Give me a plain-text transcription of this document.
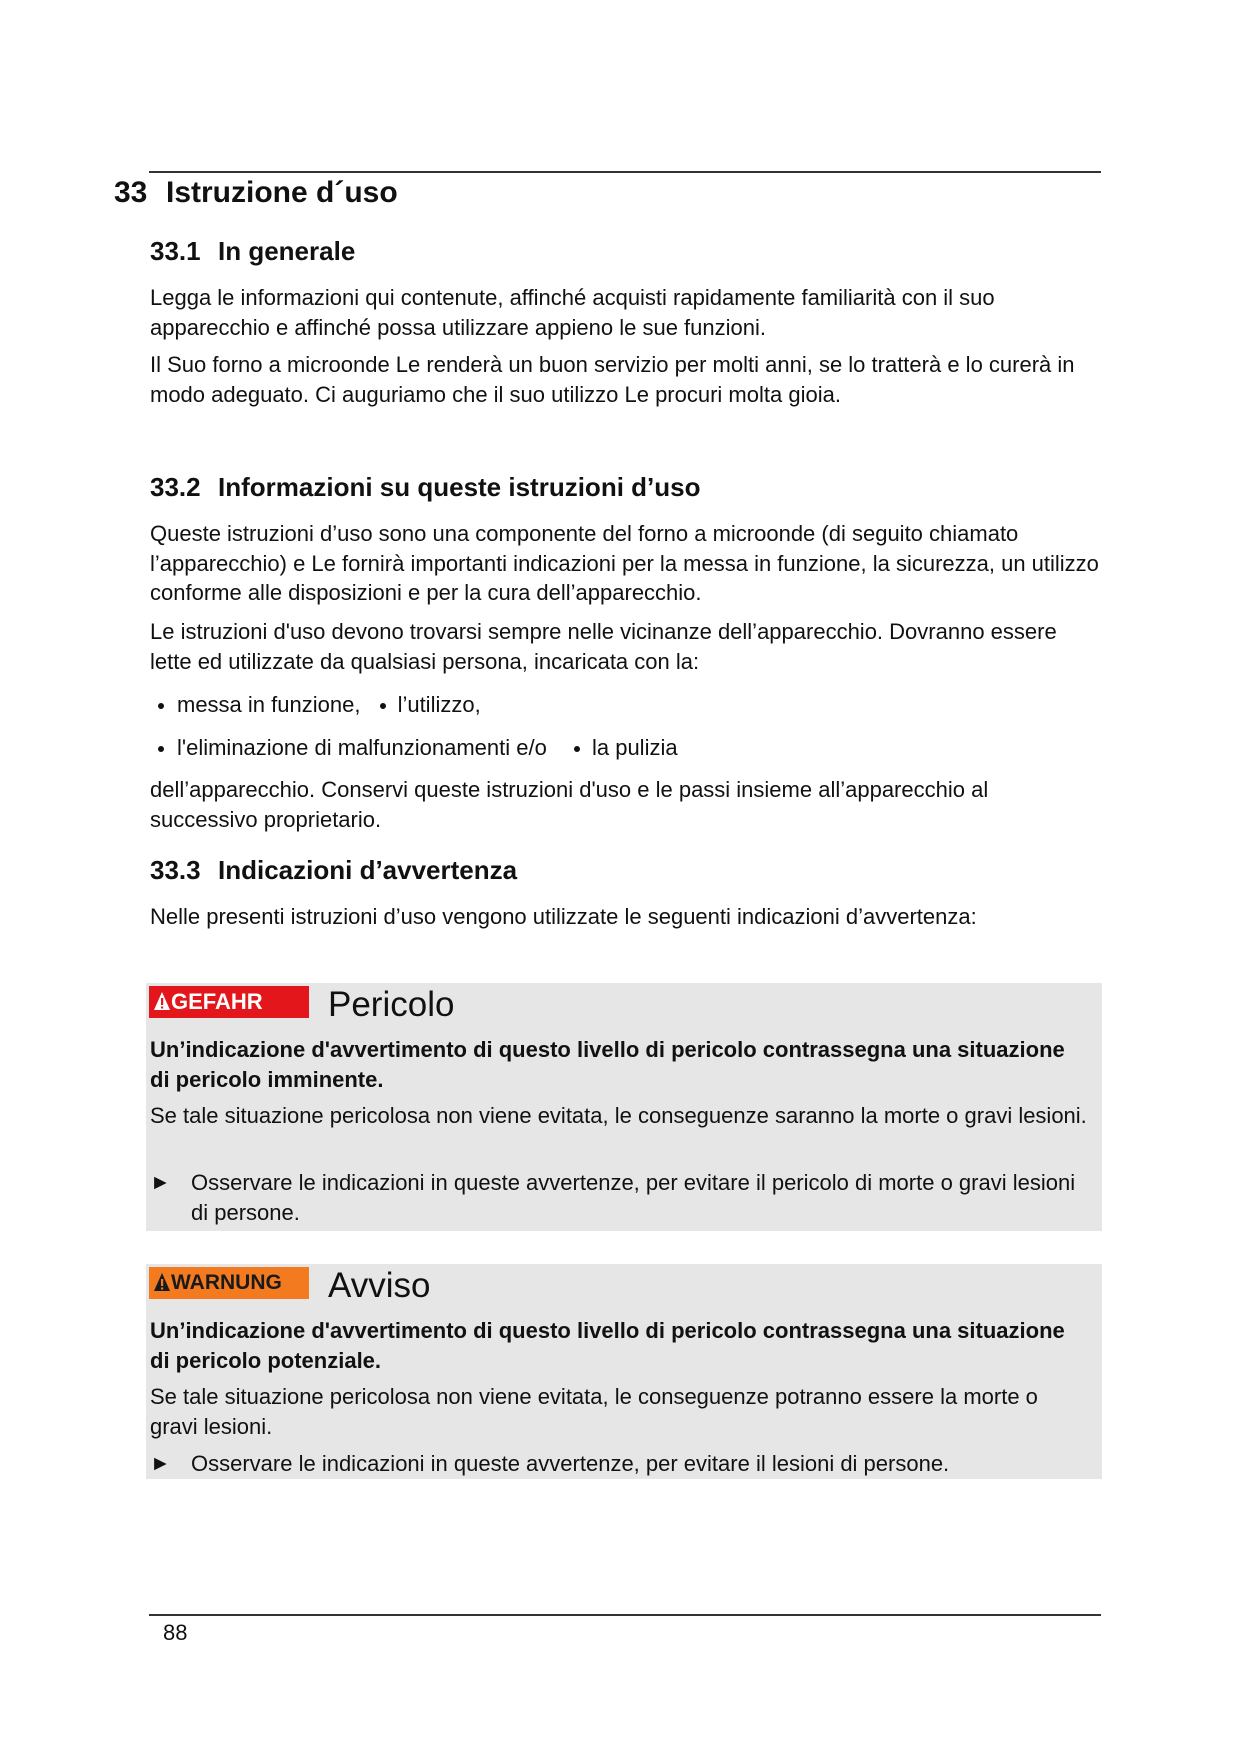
33 Istruzione d´uso
33.1 In generale

Legga le informazioni qui contenute, affinché acquisti rapidamente familiarità con il suo apparecchio e affinché possa utilizzare appieno le sue funzioni.

Il Suo forno a microonde Le renderà un buon servizio per molti anni, se lo tratterà e lo curerà in modo adeguato. Ci auguriamo che il suo utilizzo Le procuri molta gioia.

33.2 Informazioni su queste istruzioni d’uso

Queste istruzioni d’uso sono una componente del forno a microonde (di seguito chiamato l’apparecchio) e Le fornirà importanti indicazioni per la messa in funzione, la sicurezza, un utilizzo conforme alle disposizioni e per la cura dell’apparecchio.

Le istruzioni d'uso devono trovarsi sempre nelle vicinanze dell’apparecchio. Dovranno essere lette ed utilizzate da qualsiasi persona, incaricata con la:

messa in funzione, l’utilizzo,
l'eliminazione di malfunzionamenti e/o la pulizia

dell’apparecchio. Conservi queste istruzioni d'uso e le passi insieme all’apparecchio al successivo proprietario.

33.3 Indicazioni d’avvertenza

Nelle presenti istruzioni d’uso vengono utilizzate le seguenti indicazioni d’avvertenza:

GEFAHR	Pericolo

Un’indicazione d'avvertimento di questo livello di pericolo contrassegna una situazione di pericolo imminente.

Se tale situazione pericolosa non viene evitata, le conseguenze saranno la morte o gravi lesioni.

► Osservare le indicazioni in queste avvertenze, per evitare il pericolo di morte o gravi lesioni di persone.

WARNUNG	Avviso

Un’indicazione d'avvertimento di questo livello di pericolo contrassegna una situazione di pericolo potenziale.

Se tale situazione pericolosa non viene evitata, le conseguenze potranno essere la morte o gravi lesioni.

► Osservare le indicazioni in queste avvertenze, per evitare il lesioni di persone.

88
